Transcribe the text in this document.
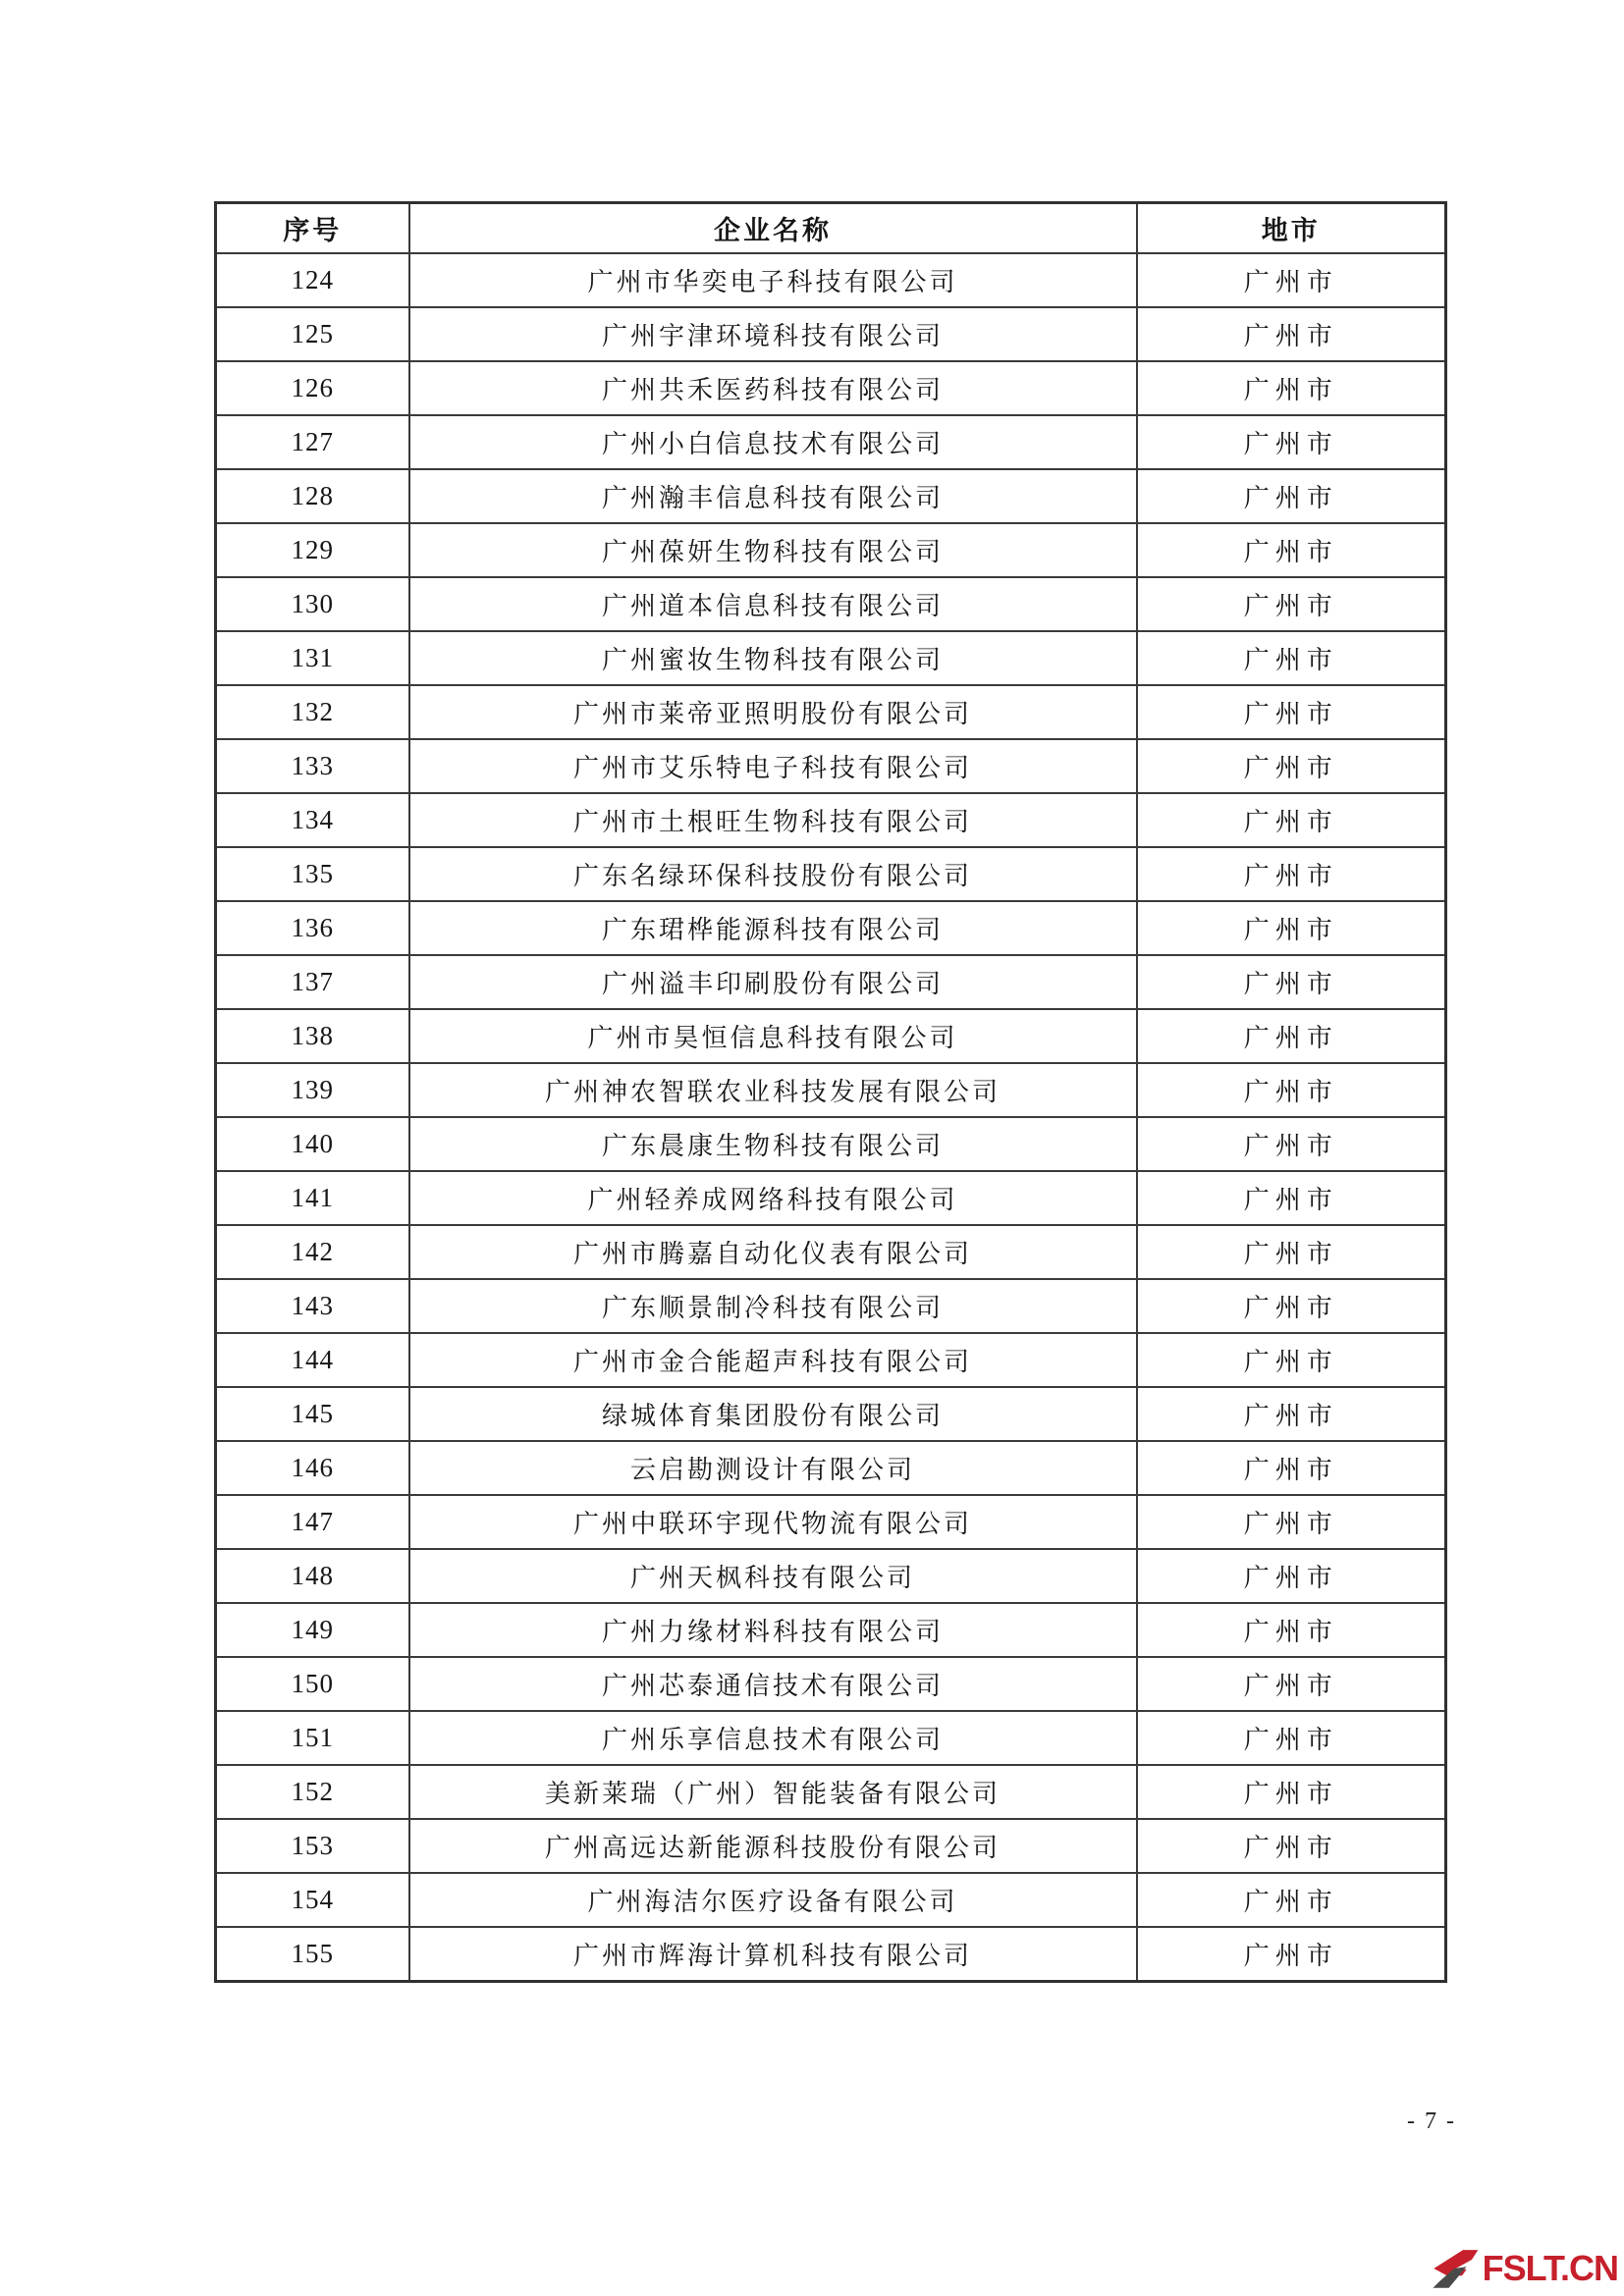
序号	企业名称	地市
124	广州市华奕电子科技有限公司	广州市
125	广州宇津环境科技有限公司	广州市
126	广州共禾医药科技有限公司	广州市
127	广州小白信息技术有限公司	广州市
128	广州瀚丰信息科技有限公司	广州市
129	广州葆妍生物科技有限公司	广州市
130	广州道本信息科技有限公司	广州市
131	广州蜜妆生物科技有限公司	广州市
132	广州市莱帝亚照明股份有限公司	广州市
133	广州市艾乐特电子科技有限公司	广州市
134	广州市土根旺生物科技有限公司	广州市
135	广东名绿环保科技股份有限公司	广州市
136	广东珺桦能源科技有限公司	广州市
137	广州溢丰印刷股份有限公司	广州市
138	广州市昊恒信息科技有限公司	广州市
139	广州神农智联农业科技发展有限公司	广州市
140	广东晨康生物科技有限公司	广州市
141	广州轻养成网络科技有限公司	广州市
142	广州市腾嘉自动化仪表有限公司	广州市
143	广东顺景制冷科技有限公司	广州市
144	广州市金合能超声科技有限公司	广州市
145	绿城体育集团股份有限公司	广州市
146	云启勘测设计有限公司	广州市
147	广州中联环宇现代物流有限公司	广州市
148	广州天枫科技有限公司	广州市
149	广州力缘材料科技有限公司	广州市
150	广州芯泰通信技术有限公司	广州市
151	广州乐享信息技术有限公司	广州市
152	美新莱瑞（广州）智能装备有限公司	广州市
153	广州高远达新能源科技股份有限公司	广州市
154	广州海洁尔医疗设备有限公司	广州市
155	广州市辉海计算机科技有限公司	广州市
- 7 -
FSLT.CN
